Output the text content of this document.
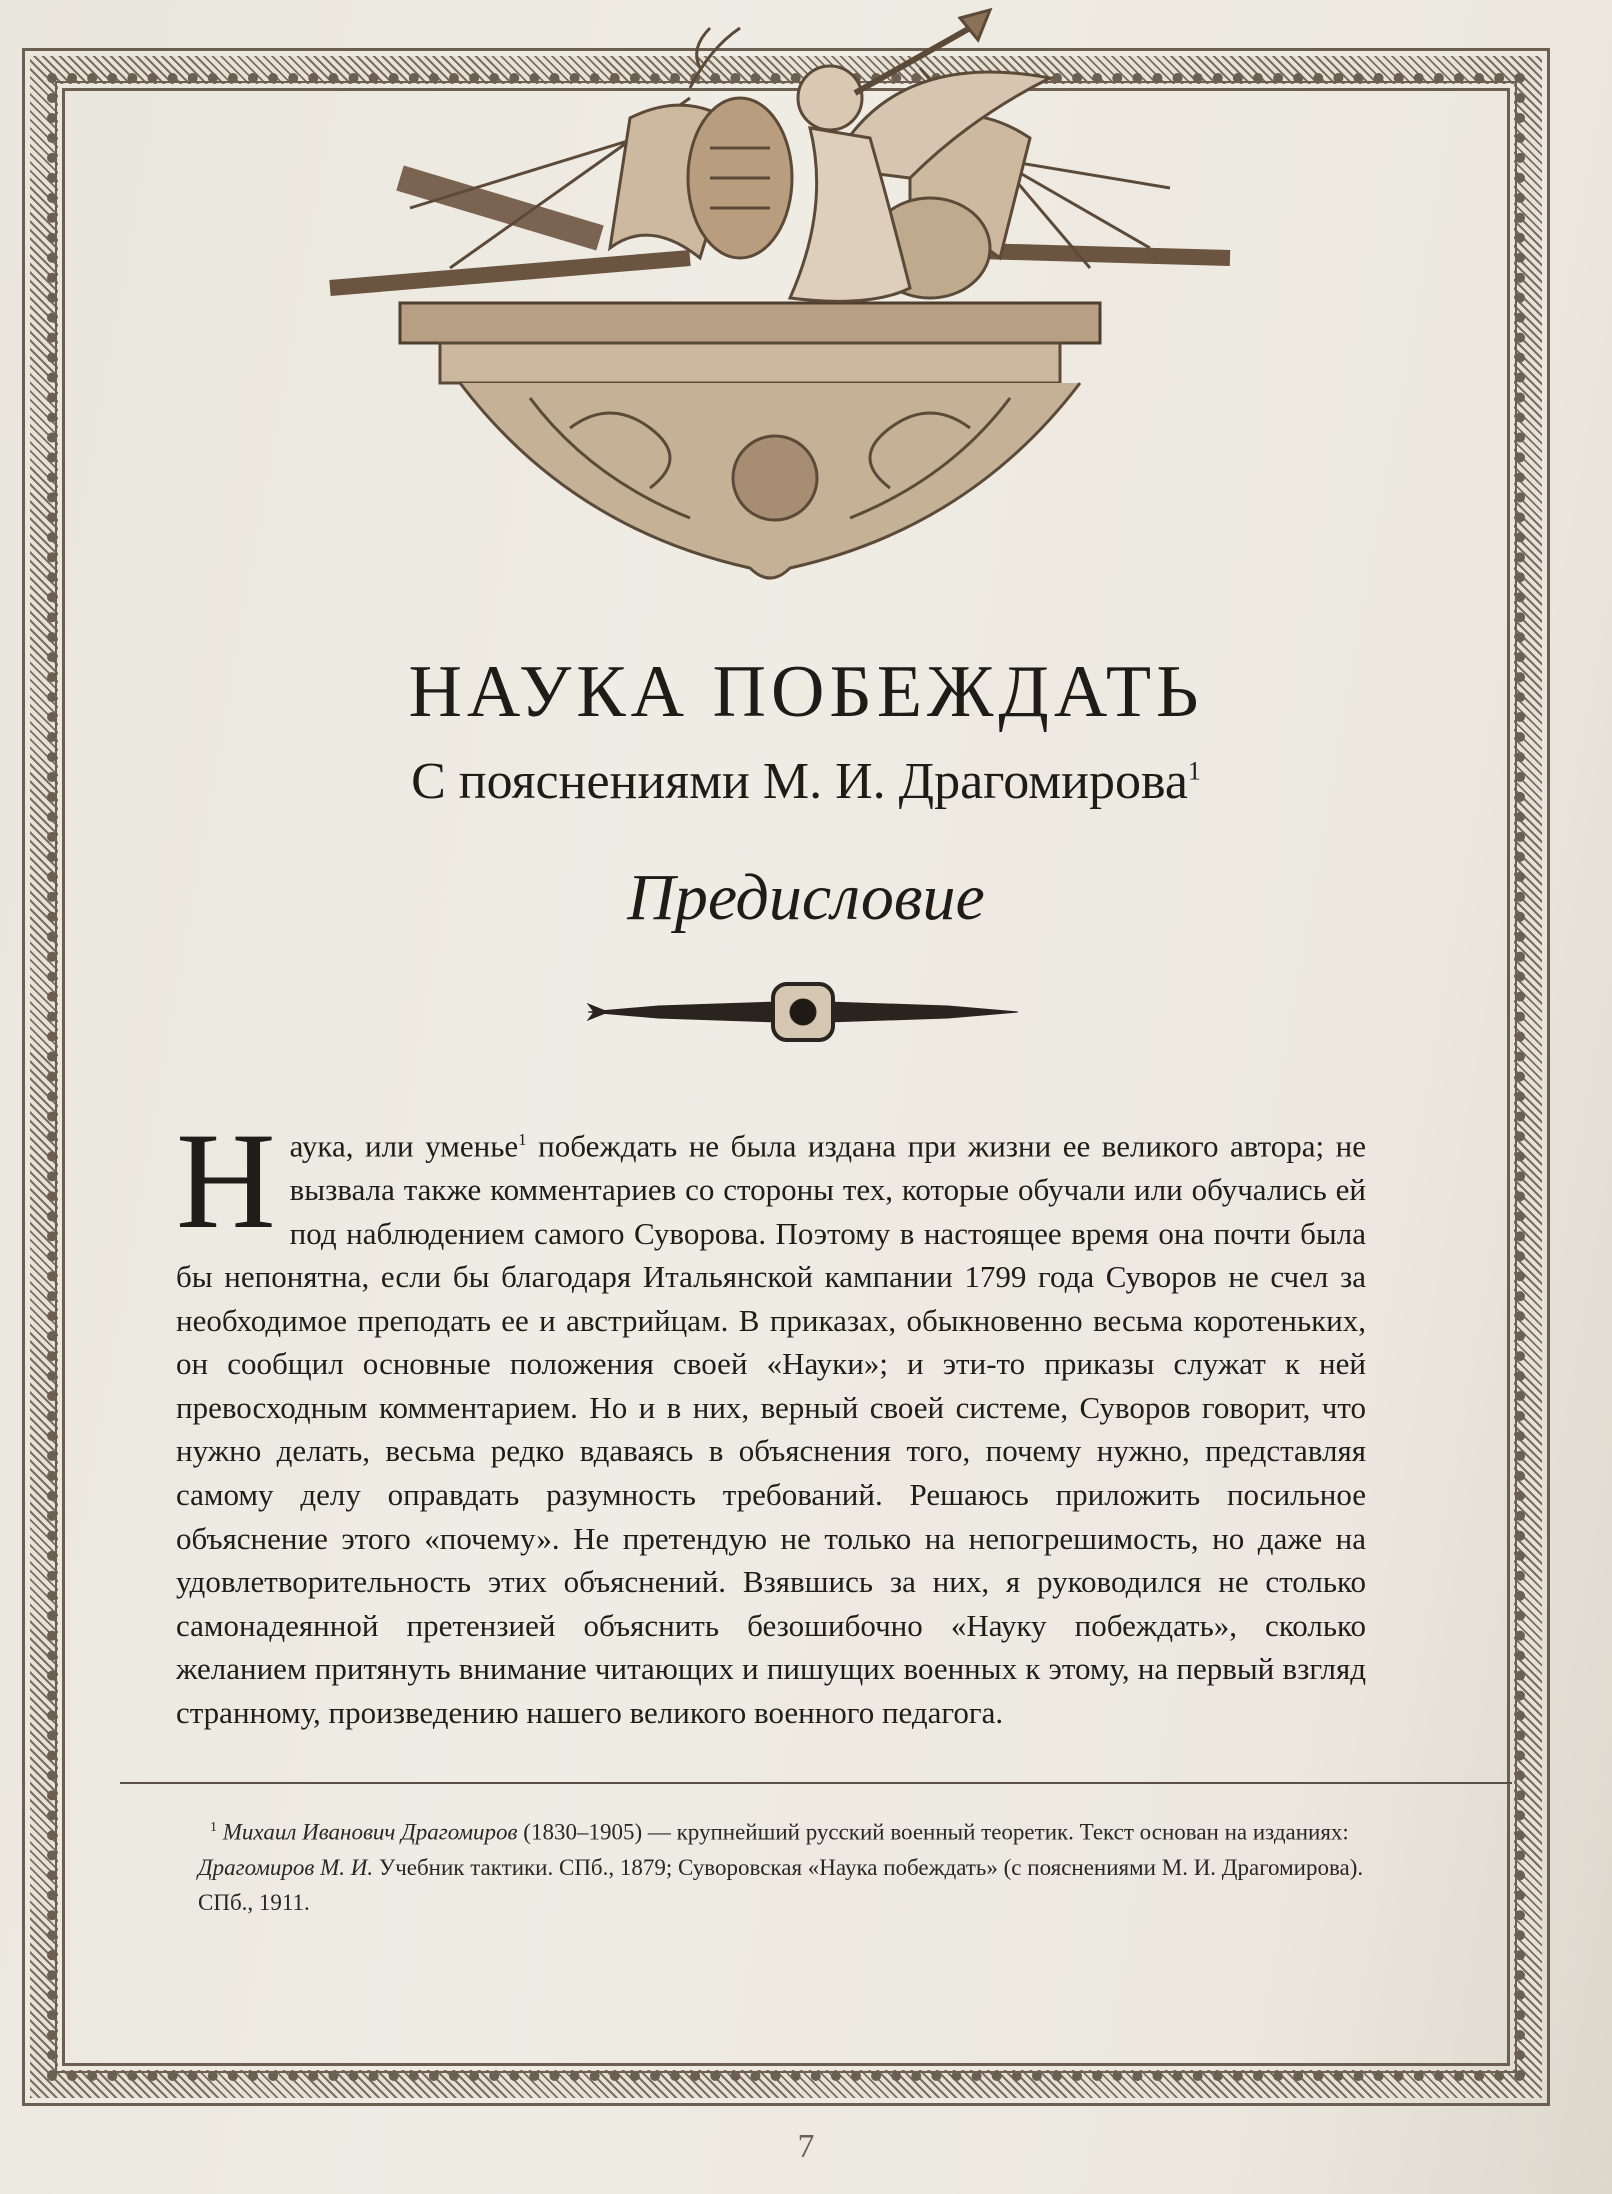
НАУКА ПОБЕЖДАТЬ
С пояснениями М. И. Драгомирова$^1$
Предисловие
Н аука, или уменье$^1$ побеждать не была издана при жизни ее великого автора; не вызвала также комментариев со стороны тех, которые обучали или обучались ей под наблюдением самого Суворова. Поэтому в настоящее время она почти была бы непонятна, если бы благодаря Итальянской кампании 1799 года Суворов не счел за необходимое преподать ее и австрийцам. В приказах, обыкновенно весьма коротеньких, он сообщил основные положения своей «Науки»; и эти-то приказы служат к ней превосходным комментарием. Но и в них, верный своей системе, Суворов говорит, что нужно делать, весьма редко вдаваясь в объяснения того, почему нужно, представляя самому делу оправдать разумность требований. Решаюсь приложить посильное объяснение этого «почему». Не претендую не только на непогрешимость, но даже на удовлетворительность этих объяснений. Взявшись за них, я руководился не столько самонадеянной претензией объяснить безошибочно «Науку побеждать», сколько желанием притянуть внимание читающих и пишущих военных к этому, на первый взгляд странному, произведению нашего великого военного педагога.
$^1$ Михаил Иванович Драгомиров (1830–1905) — крупнейший русский военный теоретик. Текст основан на изданиях: Драгомиров М. И. Учебник тактики. СПб., 1879; Суворовская «Наука побеждать» (с пояснениями М. И. Драгомирова). СПб., 1911.
7
